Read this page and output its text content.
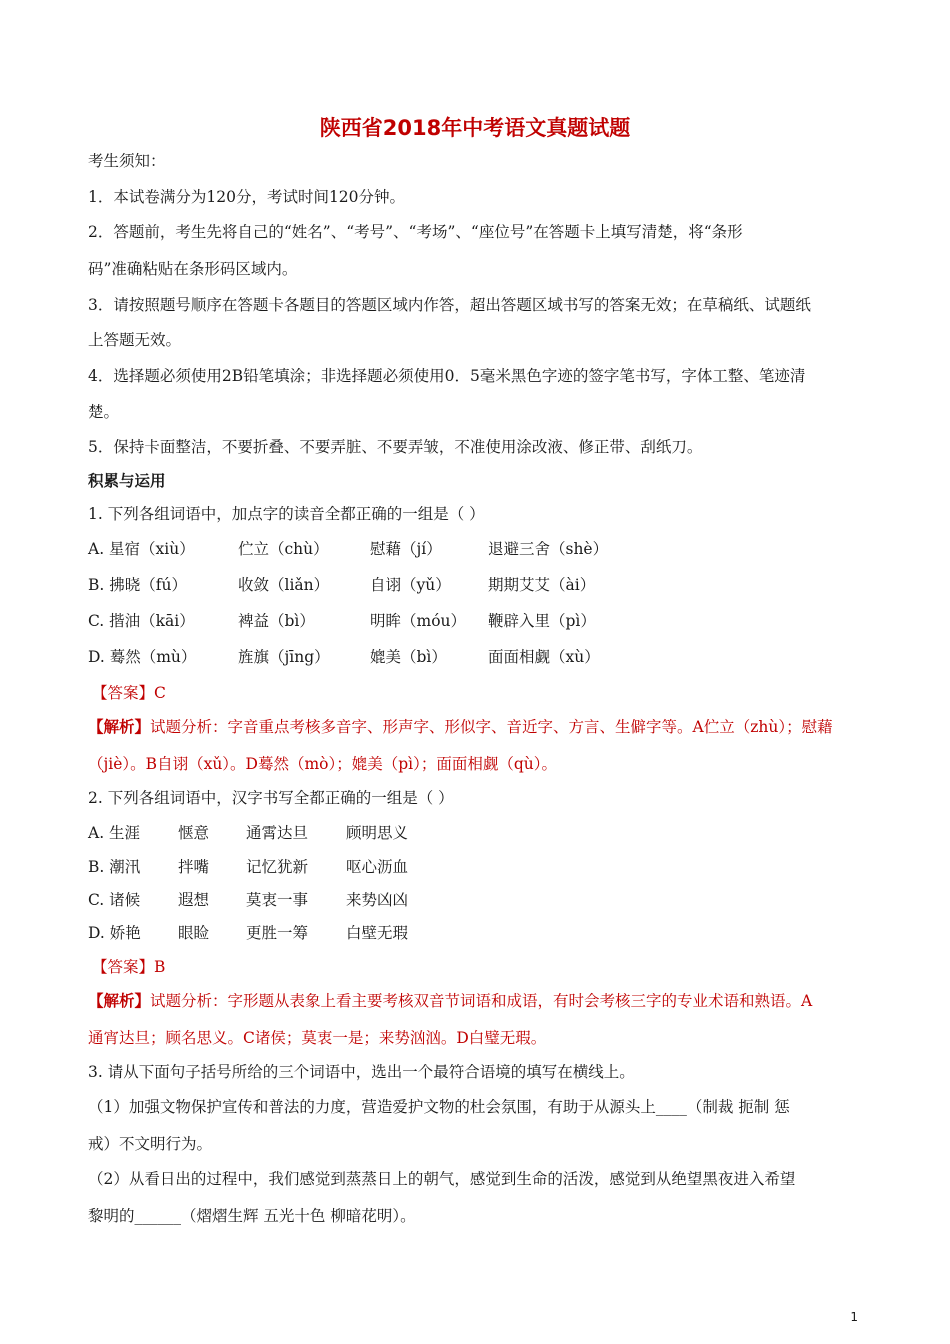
陕西省2018年中考语文真题试题
考生须知：
1．本试卷满分为120分，考试时间120分钟。
2．答题前，考生先将自己的“姓名”、“考号”、“考场”、“座位号”在答题卡上填写清楚，将“条形
码”准确粘贴在条形码区域内。
3．请按照题号顺序在答题卡各题目的答题区域内作答，超出答题区域书写的答案无效；在草稿纸、试题纸
上答题无效。
4．选择题必须使用2B铅笔填涂；非选择题必须使用0．5毫米黑色字迹的签字笔书写，字体工整、笔迹清
楚。
5．保持卡面整洁，不要折叠、不要弄脏、不要弄皱，不准使用涂改液、修正带、刮纸刀。
积累与运用
1. 下列各组词语中，加点字的读音全都正确的一组是（ ）
A. 星宿（xiù）	伫立（chù）	慰藉（jí）	退避三舍（shè）
B. 拂晓（fú）	收敛（liǎn）	自诩（yǔ） 期期艾艾（ài）
C. 揩油（kāi）	裨益（bì）	明眸（móu） 鞭辟入里（pì）
D. 蓦然（mù）	旌旗（jīng）	媲美（bì）	面面相觑（xù）
【答案】C
【解析】试题分析：字音重点考核多音字、形声字、形似字、音近字、方言、生僻字等。A伫立（zhù）；慰藉
（jiè）。B自诩（xǔ）。D蓦然（mò）；媲美（pì）；面面相觑（qù）。
2. 下列各组词语中，汉字书写全都正确的一组是（ ）
A. 生涯 惬意 通霄达旦 顾明思义
B. 潮汛 拌嘴 记忆犹新 呕心沥血
C. 诸候 遐想 莫衷一事 来势凶凶
D. 娇艳 眼睑 更胜一筹 白壁无瑕
【答案】B
【解析】试题分析：字形题从表象上看主要考核双音节词语和成语，有时会考核三字的专业术语和熟语。A
通宵达旦；顾名思义。C诸侯；莫衷一是；来势汹汹。D白璧无瑕。
3. 请从下面句子括号所给的三个词语中，选出一个最符合语境的填写在横线上。
（1）加强文物保护宣传和普法的力度，营造爱护文物的杜会氛围，有助于从源头上____（制裁 扼制 惩
戒）不文明行为。
（2）从看日出的过程中，我们感觉到蒸蒸日上的朝气，感觉到生命的活泼，感觉到从绝望黑夜进入希望
黎明的______（熠熠生辉 五光十色 柳暗花明）。
1
